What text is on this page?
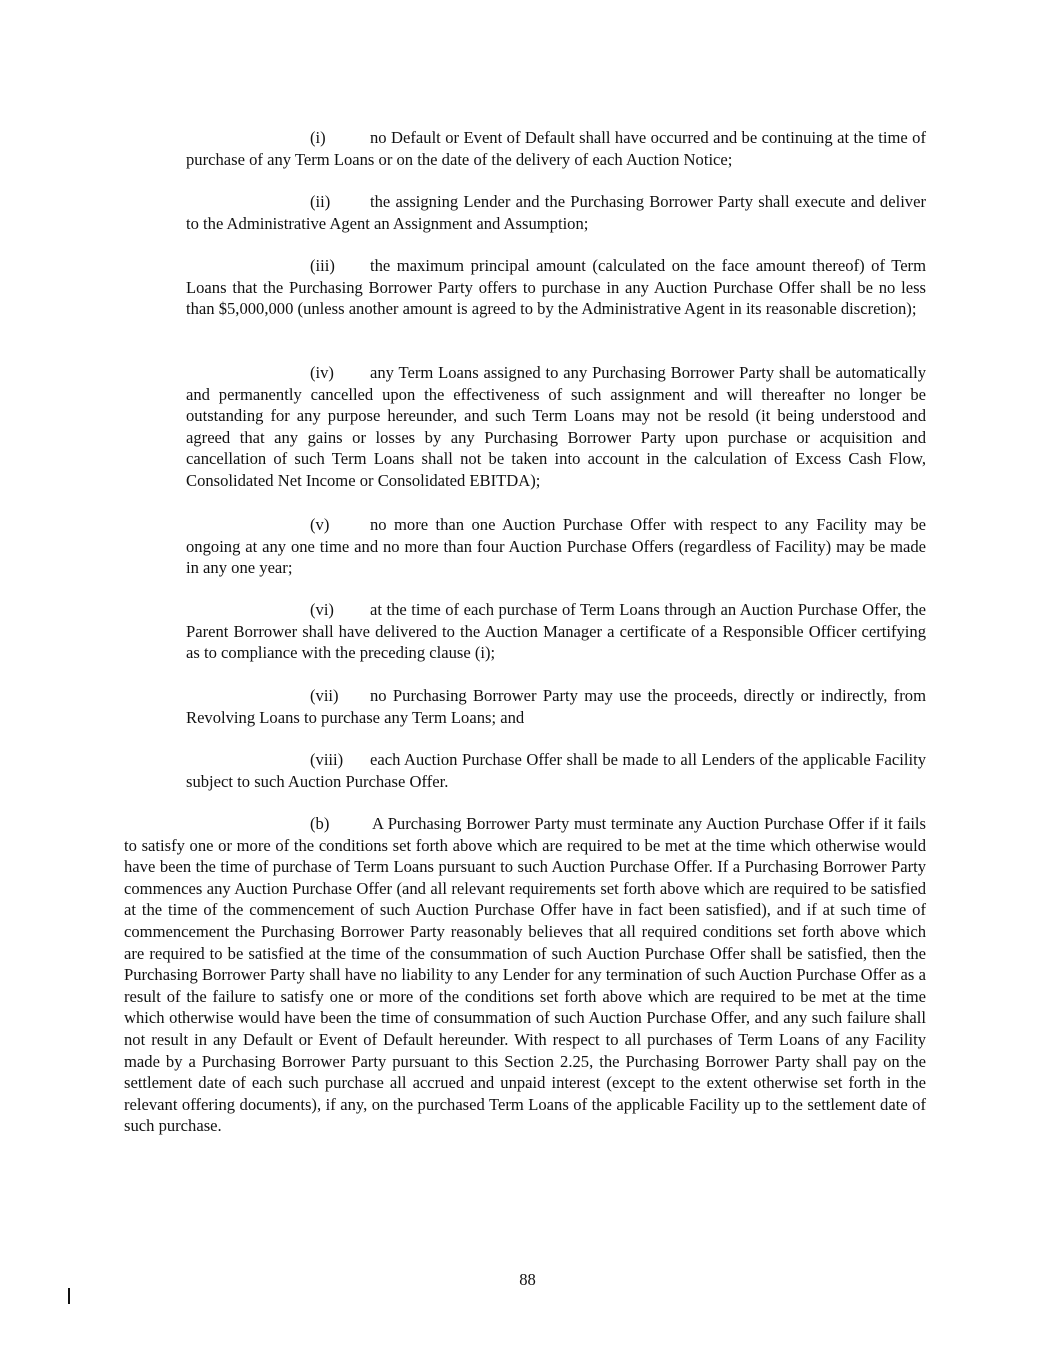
(i)	no Default or Event of Default shall have occurred and be continuing at the time of purchase of any Term Loans or on the date of the delivery of each Auction Notice;

(ii) the assigning Lender and the Purchasing Borrower Party shall execute and deliver to the Administrative Agent an Assignment and Assumption;

(iii) the maximum principal amount (calculated on the face amount thereof) of Term Loans that the Purchasing Borrower Party offers to purchase in any Auction Purchase Offer shall be no less than $5,000,000 (unless another amount is agreed to by the Administrative Agent in its reasonable discretion);

(iv) any Term Loans assigned to any Purchasing Borrower Party shall be automatically and permanently cancelled upon the effectiveness of such assignment and will thereafter no longer be outstanding for any purpose hereunder, and such Term Loans may not be resold (it being understood and agreed that any gains or losses by any Purchasing Borrower Party upon purchase or acquisition and cancellation of such Term Loans shall not be taken into account in the calculation of Excess Cash Flow, Consolidated Net Income or Consolidated EBITDA);

(v) no more than one Auction Purchase Offer with respect to any Facility may be ongoing at any one time and no more than four Auction Purchase Offers (regardless of Facility) may be made in any one year;

(vi) at the time of each purchase of Term Loans through an Auction Purchase Offer, the Parent Borrower shall have delivered to the Auction Manager a certificate of a Responsible Officer certifying as to compliance with the preceding clause (i);

(vii) no Purchasing Borrower Party may use the proceeds, directly or indirectly, from Revolving Loans to purchase any Term Loans; and

(viii) each Auction Purchase Offer shall be made to all Lenders of the applicable Facility subject to such Auction Purchase Offer.

(b)	A Purchasing Borrower Party must terminate any Auction Purchase Offer if it fails to satisfy one or more of the conditions set forth above which are required to be met at the time which otherwise would have been the time of purchase of Term Loans pursuant to such Auction Purchase Offer. If a Purchasing Borrower Party commences any Auction Purchase Offer (and all relevant requirements set forth above which are required to be satisfied at the time of the commencement of such Auction Purchase Offer have in fact been satisfied), and if at such time of commencement the Purchasing Borrower Party reasonably believes that all required conditions set forth above which are required to be satisfied at the time of the consummation of such Auction Purchase Offer shall be satisfied, then the Purchasing Borrower Party shall have no liability to any Lender for any termination of such Auction Purchase Offer as a result of the failure to satisfy one or more of the conditions set forth above which are required to be met at the time which otherwise would have been the time of consummation of such Auction Purchase Offer, and any such failure shall not result in any Default or Event of Default hereunder. With respect to all purchases of Term Loans of any Facility made by a Purchasing Borrower Party pursuant to this Section 2.25, the Purchasing Borrower Party shall pay on the settlement date of each such purchase all accrued and unpaid interest (except to the extent otherwise set forth in the relevant offering documents), if any, on the purchased Term Loans of the applicable Facility up to the settlement date of such purchase.

88
